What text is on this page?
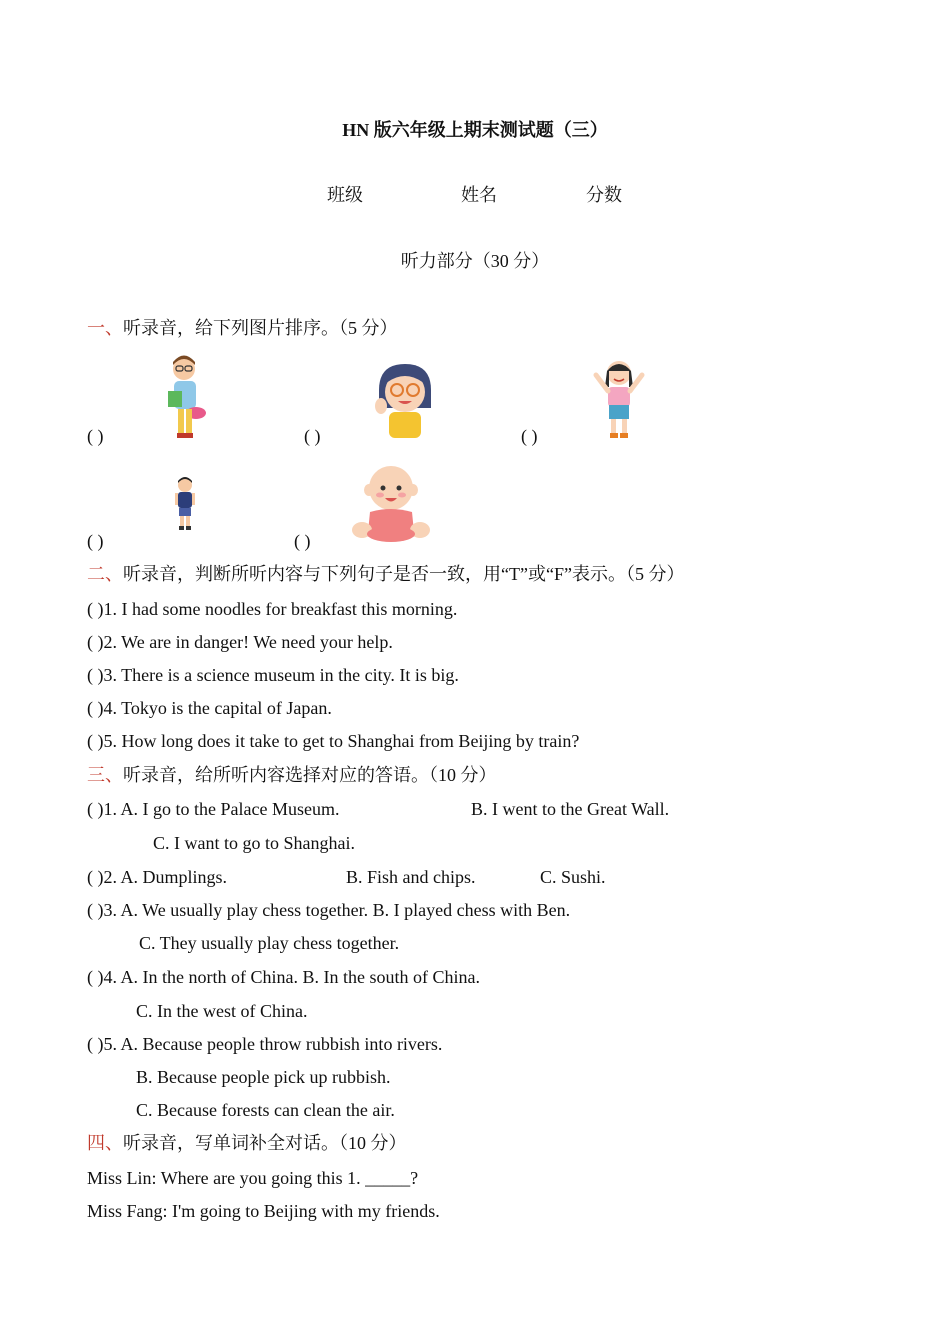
HN 版六年级上期末测试题（三）
班级	姓名	分数
听力部分（30 分）
一、听录音，给下列图片排序。（5 分）
( )	( )	( )
( )	( )
二、听录音，判断所听内容与下列句子是否一致，用“T”或“F”表示。（5 分）
( )1. I had some noodles for breakfast this morning.
( )2. We are in danger! We need your help.
( )3. There is a science museum in the city. It is big.
( )4. Tokyo is the capital of Japan.
( )5. How long does it take to get to Shanghai from Beijing by train?
三、听录音，给所听内容选择对应的答语。（10 分）
( )1. A. I go to the Palace Museum.	B. I went to the Great Wall.
C. I want to go to Shanghai.
( )2. A. Dumplings.	B. Fish and chips.	C. Sushi.
( )3. A. We usually play chess together. B. I played chess with Ben.
C. They usually play chess together.
( )4. A. In the north of China. B. In the south of China.
C. In the west of China.
( )5. A. Because people throw rubbish into rivers.
B. Because people pick up rubbish.
C. Because forests can clean the air.
四、听录音，写单词补全对话。（10 分）
Miss Lin: Where are you going this 1. _____?
Miss Fang: I'm going to Beijing with my friends.
